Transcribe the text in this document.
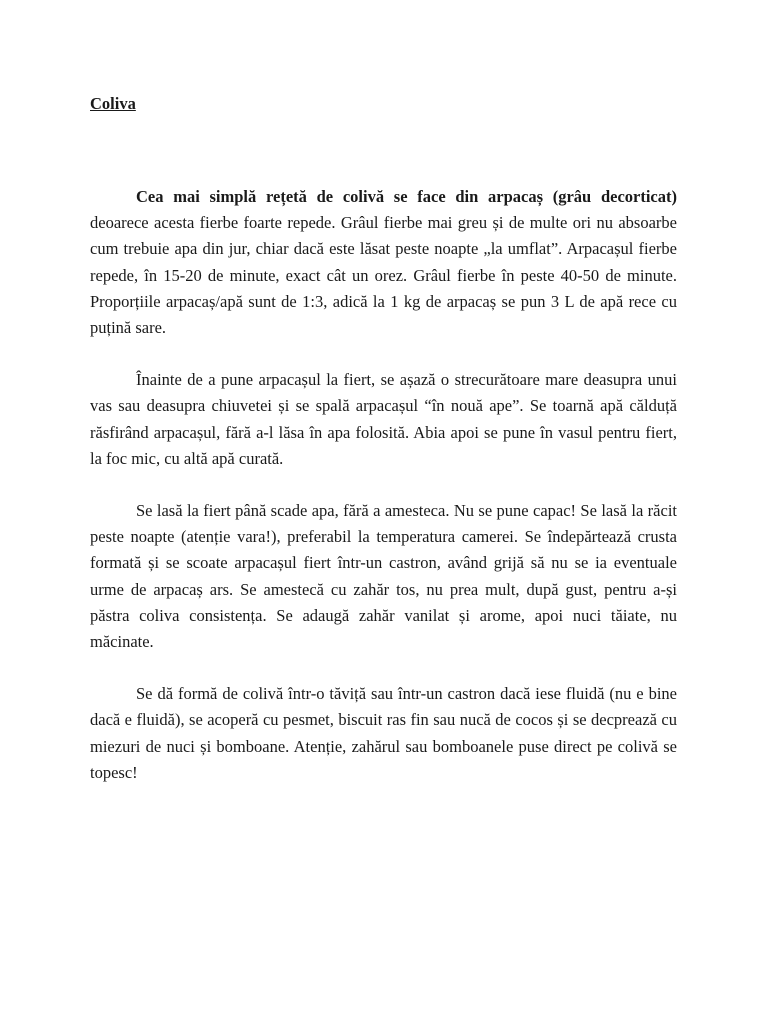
Coliva

Cea mai simplă rețetă de colivă se face din arpacaș (grâu decorticat) deoarece acesta fierbe foarte repede. Grâul fierbe mai greu și de multe ori nu absoarbe cum trebuie apa din jur, chiar dacă este lăsat peste noapte „la umflat”. Arpacașul fierbe repede, în 15-20 de minute, exact cât un orez. Grâul fierbe în peste 40-50 de minute. Proporțiile arpacaș/apă sunt de 1:3, adică la 1 kg de arpacaș se pun 3 L de apă rece cu puțină sare.

Înainte de a pune arpacașul la fiert, se așază o strecurătoare mare deasupra unui vas sau deasupra chiuvetei și se spală arpacașul “în nouă ape”. Se toarnă apă călduță răsfirând arpacașul, fără a-l lăsa în apa folosită. Abia apoi se pune în vasul pentru fiert, la foc mic, cu altă apă curată.

Se lasă la fiert până scade apa, fără a amesteca. Nu se pune capac! Se lasă la răcit peste noapte (atenție vara!), preferabil la temperatura camerei. Se îndepărtează crusta formată și se scoate arpacașul fiert într-un castron, având grijă să nu se ia eventuale urme de arpacaș ars. Se amestecă cu zahăr tos, nu prea mult, după gust, pentru a-și păstra coliva consistența. Se adaugă zahăr vanilat și arome, apoi nuci tăiate, nu măcinate.

Se dă formă de colivă într-o tăviță sau într-un castron dacă iese fluidă (nu e bine dacă e fluidă), se acoperă cu pesmet, biscuit ras fin sau nucă de cocos și se decprează cu miezuri de nuci și bomboane. Atenție, zahărul sau bomboanele puse direct pe colivă se topesc!
